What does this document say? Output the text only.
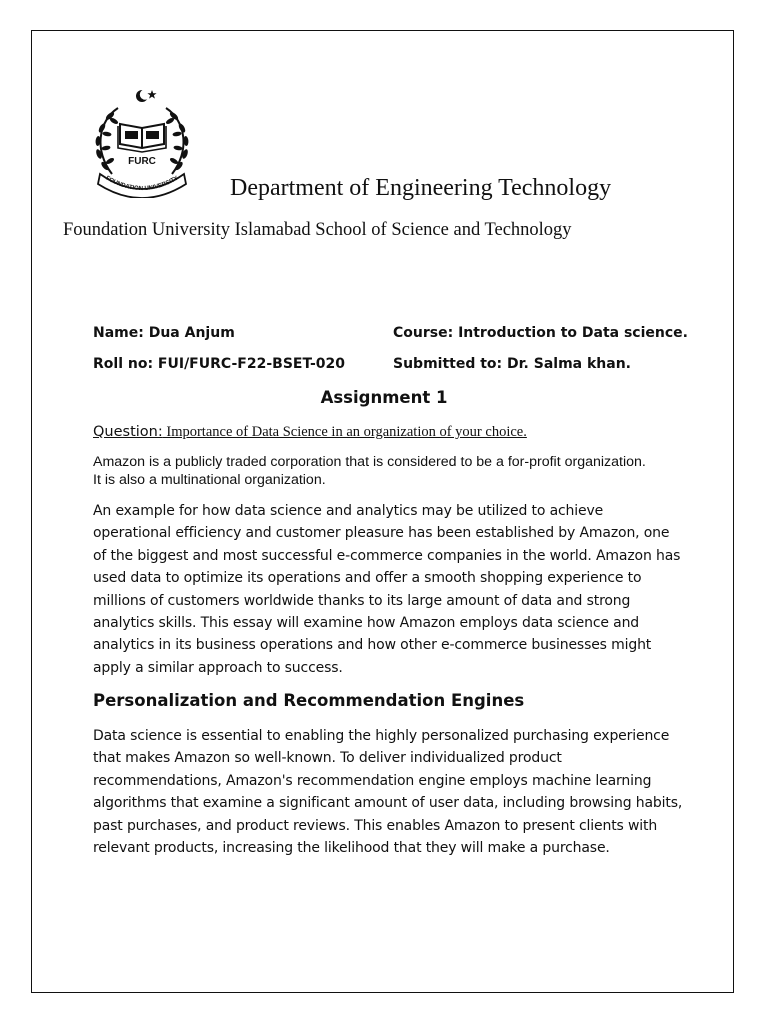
FURC
FOUNDATION UNIVERSITY Department of Engineering Technology
Foundation University Islamabad School of Science and Technology
Name: Dua Anjum	Course: Introduction to Data science.
Roll no: FUI/FURC-F22-BSET-020	Submitted to: Dr. Salma khan.
Assignment 1
Question: Importance of Data Science in an organization of your choice.
Amazon is a publicly traded corporation that is considered to be a for-profit organization. It is also a multinational organization.
An example for how data science and analytics may be utilized to achieve operational efficiency and customer pleasure has been established by Amazon, one of the biggest and most successful e-commerce companies in the world. Amazon has used data to optimize its operations and offer a smooth shopping experience to millions of customers worldwide thanks to its large amount of data and strong analytics skills. This essay will examine how Amazon employs data science and analytics in its business operations and how other e-commerce businesses might apply a similar approach to success.
Personalization and Recommendation Engines
Data science is essential to enabling the highly personalized purchasing experience that makes Amazon so well-known. To deliver individualized product recommendations, Amazon's recommendation engine employs machine learning algorithms that examine a significant amount of user data, including browsing habits, past purchases, and product reviews. This enables Amazon to present clients with relevant products, increasing the likelihood that they will make a purchase.
